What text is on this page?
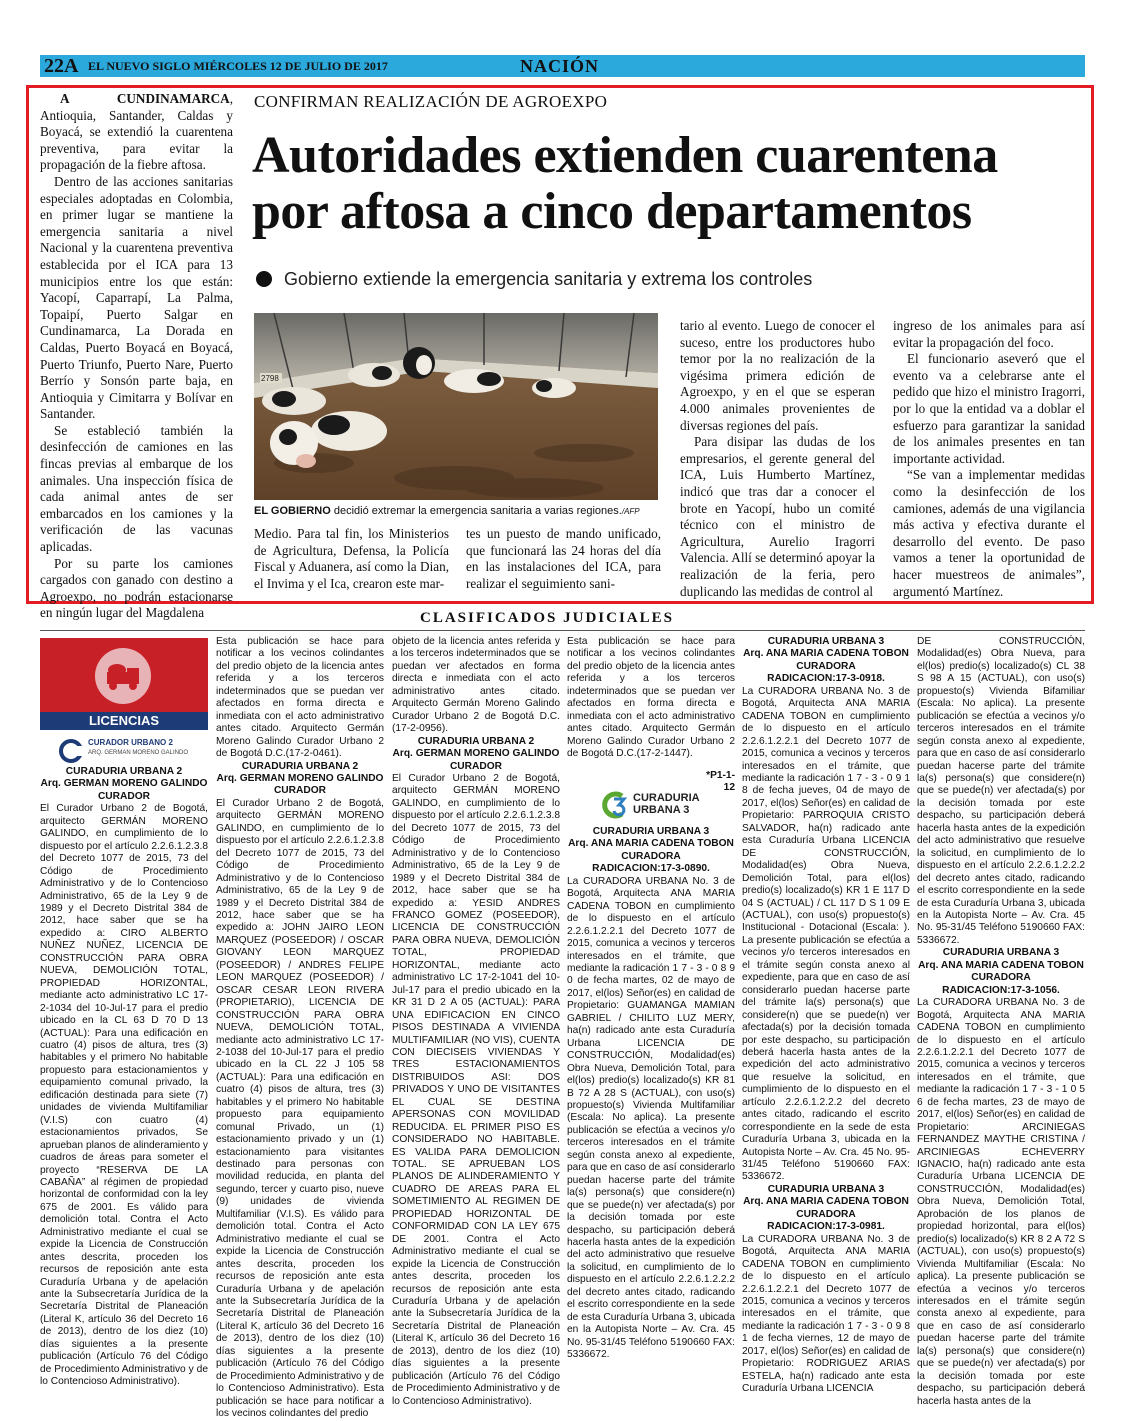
22A EL NUEVO SIGLO MIÉRCOLES 12 DE JULIO DE 2017	NACIÓN

A CUNDINAMARCA, Antioquia, Santander, Caldas y Boyacá, se extendió la cuarentena preventiva, para evitar la propagación de la fiebre aftosa.

Dentro de las acciones sanitarias especiales adoptadas en Colombia, en primer lugar se mantiene la emergencia sanitaria a nivel Nacional y la cuarentena preventiva establecida por el ICA para 13 municipios entre los que están: Yacopí, Caparrapí, La Palma, Topaipí, Puerto Salgar en Cundinamarca, La Dorada en Caldas, Puerto Boyacá en Boyacá, Puerto Triunfo, Puerto Nare, Puerto Berrío y Sonsón parte baja, en Antioquia y Cimitarra y Bolívar en Santander.

Se estableció también la desinfección de camiones en las fincas previas al embarque de los animales. Una inspección física de cada animal antes de ser embarcados en los camiones y la verificación de las vacunas aplicadas.

Por su parte los camiones cargados con ganado con destino a Agroexpo, no podrán estacionarse en ningún lugar del Magdalena

CONFIRMAN REALIZACIÓN DE AGROEXPO
Autoridades extienden cuarentena
por aftosa a cinco departamentos
Gobierno extiende la emergencia sanitaria y extrema los controles
2798
EL GOBIERNO decidió extremar la emergencia sanitaria a varias regiones./AFP

Medio. Para tal fin, los Ministerios de Agricultura, Defensa, la Policía Fiscal y Aduanera, así como la Dian, el Invima y el Ica, crearon este mar-

tes un puesto de mando unificado, que funcionará las 24 horas del día en las instalaciones del ICA, para realizar el seguimiento sani-

tario al evento. Luego de conocer el suceso, entre los productores hubo temor por la no realización de la vigésima primera edición de Agroexpo, y en el que se esperan 4.000 animales provenientes de diversas regiones del país.

Para disipar las dudas de los empresarios, el gerente general del ICA, Luis Humberto Martínez, indicó que tras dar a conocer el brote en Yacopí, hubo un comité técnico con el ministro de Agricultura, Aurelio Iragorri Valencia. Allí se determinó apoyar la realización de la feria, pero duplicando las medidas de control al

ingreso de los animales para así evitar la propagación del foco.

El funcionario aseveró que el evento va a celebrarse ante el pedido que hizo el ministro Iragorri, por lo que la entidad va a doblar el esfuerzo para garantizar la sanidad de los animales presentes en tan importante actividad.

“Se van a implementar medidas como la desinfección de los camiones, además de una vigilancia más activa y efectiva durante el desarrollo del evento. De paso vamos a tener la oportunidad de hacer muestreos de animales”, argumentó Martínez.

CLASIFICADOS JUDICIALES
LICENCIAS
CURADOR URBANO 2
ARQ. GERMAN MORENO GALINDO

CURADURIA URBANA 2

Arq. GERMAN MORENO GALINDO

CURADOR

El Curador Urbano 2 de Bogotá, arquitecto GERMÁN MORENO GALINDO, en cumplimiento de lo dispuesto por el artículo 2.2.6.1.2.3.8 del Decreto 1077 de 2015, 73 del Código de Procedimiento Administrativo y de lo Contencioso Administrativo, 65 de la Ley 9 de 1989 y el Decreto Distrital 384 de 2012, hace saber que se ha expedido a: CIRO ALBERTO NUÑEZ NUÑEZ, LICENCIA DE CONSTRUCCIÓN PARA OBRA NUEVA, DEMOLICIÓN TOTAL, PROPIEDAD HORIZONTAL, mediante acto administrativo LC 17-2-1034 del 10-Jul-17 para el predio ubicado en la CL 63 D 70 D 13 (ACTUAL): Para una edificación en cuatro (4) pisos de altura, tres (3) habitables y el primero No habitable propuesto para estacionamientos y equipamiento comunal privado, la edificación destinada para siete (7) unidades de vivienda Multifamiliar (V.I.S) con cuatro (4) estacionamientos privados, Se aprueban planos de alinderamiento y cuadros de áreas para someter el proyecto “RESERVA DE LA CABAÑA” al régimen de propiedad horizontal de conformidad con la ley 675 de 2001. Es válido para demolición total. Contra el Acto Administrativo mediante el cual se expide la Licencia de Construcción antes descrita, proceden los recursos de reposición ante esta Curaduría Urbana y de apelación ante la Subsecretaría Jurídica de la Secretaría Distrital de Planeación (Literal K, artículo 36 del Decreto 16 de 2013), dentro de los diez (10) días siguientes a la presente publicación (Artículo 76 del Código de Procedimiento Administrativo y de lo Contencioso Administrativo).

Esta publicación se hace para notificar a los vecinos colindantes del predio objeto de la licencia antes referida y a los terceros indeterminados que se puedan ver afectados en forma directa e inmediata con el acto administrativo antes citado. Arquitecto Germán Moreno Galindo Curador Urbano 2 de Bogotá D.C.(17-2-0461).

CURADURIA URBANA 2

Arq. GERMAN MORENO GALINDO

CURADOR

El Curador Urbano 2 de Bogotá, arquitecto GERMÁN MORENO GALINDO, en cumplimiento de lo dispuesto por el artículo 2.2.6.1.2.3.8 del Decreto 1077 de 2015, 73 del Código de Procedimiento Administrativo y de lo Contencioso Administrativo, 65 de la Ley 9 de 1989 y el Decreto Distrital 384 de 2012, hace saber que se ha expedido a: JOHN JAIRO LEON MARQUEZ (POSEEDOR) / OSCAR GIOVANY LEON MARQUEZ (POSEEDOR) / ANDRES FELIPE LEON MARQUEZ (POSEEDOR) / OSCAR CESAR LEON RIVERA (PROPIETARIO), LICENCIA DE CONSTRUCCIÓN PARA OBRA NUEVA, DEMOLICIÓN TOTAL, mediante acto administrativo LC 17-2-1038 del 10-Jul-17 para el predio ubicado en la CL 22 J 105 58 (ACTUAL): Para una edificación en cuatro (4) pisos de altura, tres (3) habitables y el primero No habitable propuesto para equipamiento comunal Privado, un (1) estacionamiento privado y un (1) estacionamiento para visitantes destinado para personas con movilidad reducida, en planta del segundo, tercer y cuarto piso, nueve (9) unidades de vivienda Multifamiliar (V.I.S). Es válido para demolición total. Contra el Acto Administrativo mediante el cual se expide la Licencia de Construcción antes descrita, proceden los recursos de reposición ante esta Curaduría Urbana y de apelación ante la Subsecretaría Jurídica de la Secretaría Distrital de Planeación (Literal K, artículo 36 del Decreto 16 de 2013), dentro de los diez (10) días siguientes a la presente publicación (Artículo 76 del Código de Procedimiento Administrativo y de lo Contencioso Administrativo). Esta publicación se hace para notificar a los vecinos colindantes del predio

objeto de la licencia antes referida y a los terceros indeterminados que se puedan ver afectados en forma directa e inmediata con el acto administrativo antes citado. Arquitecto Germán Moreno Galindo Curador Urbano 2 de Bogotá D.C.(17-2-0956).

CURADURIA URBANA 2

Arq. GERMAN MORENO GALINDO

CURADOR

El Curador Urbano 2 de Bogotá, arquitecto GERMÁN MORENO GALINDO, en cumplimiento de lo dispuesto por el artículo 2.2.6.1.2.3.8 del Decreto 1077 de 2015, 73 del Código de Procedimiento Administrativo y de lo Contencioso Administrativo, 65 de la Ley 9 de 1989 y el Decreto Distrital 384 de 2012, hace saber que se ha expedido a: YESID ANDRES FRANCO GOMEZ (POSEEDOR), LICENCIA DE CONSTRUCCIÓN PARA OBRA NUEVA, DEMOLICIÓN TOTAL, PROPIEDAD HORIZONTAL, mediante acto administrativo LC 17-2-1041 del 10-Jul-17 para el predio ubicado en la KR 31 D 2 A 05 (ACTUAL): PARA UNA EDIFICACION EN CINCO PISOS DESTINADA A VIVIENDA MULTIFAMILIAR (NO VIS), CUENTA CON DIECISEIS VIVIENDAS Y TRES ESTACIONAMIENTOS DISTRIBUIDOS ASI: DOS PRIVADOS Y UNO DE VISITANTES EL CUAL SE DESTINA APERSONAS CON MOVILIDAD REDUCIDA. EL PRIMER PISO ES CONSIDERADO NO HABITABLE. ES VALIDA PARA DEMOLICION TOTAL. SE APRUEBAN LOS PLANOS DE ALINDERAMIENTO Y CUADRO DE AREAS PARA EL SOMETIMIENTO AL REGIMEN DE PROPIEDAD HORIZONTAL DE CONFORMIDAD CON LA LEY 675 DE 2001. Contra el Acto Administrativo mediante el cual se expide la Licencia de Construcción antes descrita, proceden los recursos de reposición ante esta Curaduría Urbana y de apelación ante la Subsecretaría Jurídica de la Secretaría Distrital de Planeación (Literal K, artículo 36 del Decreto 16 de 2013), dentro de los diez (10) días siguientes a la presente publicación (Artículo 76 del Código de Procedimiento Administrativo y de lo Contencioso Administrativo).

Esta publicación se hace para notificar a los vecinos colindantes del predio objeto de la licencia antes referida y a los terceros indeterminados que se puedan ver afectados en forma directa e inmediata con el acto administrativo antes citado. Arquitecto Germán Moreno Galindo Curador Urbano 2 de Bogotá D.C.(17-2-1447).

*P1-1-12
CURADURIA
URBANA 3

CURADURIA URBANA 3

Arq. ANA MARIA CADENA TOBON

CURADORA

RADICACION:17-3-0890.

La CURADORA URBANA No. 3 de Bogotá, Arquitecta ANA MARIA CADENA TOBON en cumplimiento de lo dispuesto en el artículo 2.2.6.1.2.2.1 del Decreto 1077 de 2015, comunica a vecinos y terceros interesados en el trámite, que mediante la radicación 1 7 - 3 - 0 8 9 0 de fecha martes, 02 de mayo de 2017, el(los) Señor(es) en calidad de Propietario: GUAMANGA MAMIAN GABRIEL / CHILITO LUZ MERY, ha(n) radicado ante esta Curaduría Urbana LICENCIA DE CONSTRUCCIÓN, Modalidad(es) Obra Nueva, Demolición Total, para el(los) predio(s) localizado(s) KR 81 B 72 A 28 S (ACTUAL), con uso(s) propuesto(s) Vivienda Multifamiliar (Escala: No aplica). La presente publicación se efectúa a vecinos y/o terceros interesados en el trámite según consta anexo al expediente, para que en caso de así considerarlo puedan hacerse parte del trámite la(s) persona(s) que considere(n) que se puede(n) ver afectada(s) por la decisión tomada por este despacho, su participación deberá hacerla hasta antes de la expedición del acto administrativo que resuelve la solicitud, en cumplimiento de lo dispuesto en el artículo 2.2.6.1.2.2.2 del decreto antes citado, radicando el escrito correspondiente en la sede de esta Curaduría Urbana 3, ubicada en la Autopista Norte – Av. Cra. 45 No. 95-31/45 Teléfono 5190660 FAX: 5336672.

CURADURIA URBANA 3

Arq. ANA MARIA CADENA TOBON

CURADORA

RADICACION:17-3-0918.

La CURADORA URBANA No. 3 de Bogotá, Arquitecta ANA MARIA CADENA TOBON en cumplimiento de lo dispuesto en el artículo 2.2.6.1.2.2.1 del Decreto 1077 de 2015, comunica a vecinos y terceros interesados en el trámite, que mediante la radicación 1 7 - 3 - 0 9 1 8 de fecha jueves, 04 de mayo de 2017, el(los) Señor(es) en calidad de Propietario: PARROQUIA CRISTO SALVADOR, ha(n) radicado ante esta Curaduría Urbana LICENCIA DE CONSTRUCCIÓN, Modalidad(es) Obra Nueva, Demolición Total, para el(los) predio(s) localizado(s) KR 1 E 117 D 04 S (ACTUAL) / CL 117 D S 1 09 E (ACTUAL), con uso(s) propuesto(s) Institucional - Dotacional (Escala: ). La presente publicación se efectúa a vecinos y/o terceros interesados en el trámite según consta anexo al expediente, para que en caso de así considerarlo puedan hacerse parte del trámite la(s) persona(s) que considere(n) que se puede(n) ver afectada(s) por la decisión tomada por este despacho, su participación deberá hacerla hasta antes de la expedición del acto administrativo que resuelve la solicitud, en cumplimiento de lo dispuesto en el artículo 2.2.6.1.2.2.2 del decreto antes citado, radicando el escrito correspondiente en la sede de esta Curaduría Urbana 3, ubicada en la Autopista Norte – Av. Cra. 45 No. 95-31/45 Teléfono 5190660 FAX: 5336672.

CURADURIA URBANA 3

Arq. ANA MARIA CADENA TOBON

CURADORA

RADICACION:17-3-0981.

La CURADORA URBANA No. 3 de Bogotá, Arquitecta ANA MARIA CADENA TOBON en cumplimiento de lo dispuesto en el artículo 2.2.6.1.2.2.1 del Decreto 1077 de 2015, comunica a vecinos y terceros interesados en el trámite, que mediante la radicación 1 7 - 3 - 0 9 8 1 de fecha viernes, 12 de mayo de 2017, el(los) Señor(es) en calidad de Propietario: RODRIGUEZ ARIAS ESTELA, ha(n) radicado ante esta Curaduría Urbana LICENCIA

DE CONSTRUCCIÓN, Modalidad(es) Obra Nueva, para el(los) predio(s) localizado(s) CL 38 S 98 A 15 (ACTUAL), con uso(s) propuesto(s) Vivienda Bifamiliar (Escala: No aplica). La presente publicación se efectúa a vecinos y/o terceros interesados en el trámite según consta anexo al expediente, para que en caso de así considerarlo puedan hacerse parte del trámite la(s) persona(s) que considere(n) que se puede(n) ver afectada(s) por la decisión tomada por este despacho, su participación deberá hacerla hasta antes de la expedición del acto administrativo que resuelve la solicitud, en cumplimiento de lo dispuesto en el artículo 2.2.6.1.2.2.2 del decreto antes citado, radicando el escrito correspondiente en la sede de esta Curaduría Urbana 3, ubicada en la Autopista Norte – Av. Cra. 45 No. 95-31/45 Teléfono 5190660 FAX: 5336672.

CURADURIA URBANA 3

Arq. ANA MARIA CADENA TOBON

CURADORA

RADICACION:17-3-1056.

La CURADORA URBANA No. 3 de Bogotá, Arquitecta ANA MARIA CADENA TOBON en cumplimiento de lo dispuesto en el artículo 2.2.6.1.2.2.1 del Decreto 1077 de 2015, comunica a vecinos y terceros interesados en el trámite, que mediante la radicación 1 7 - 3 - 1 0 5 6 de fecha martes, 23 de mayo de 2017, el(los) Señor(es) en calidad de Propietario: ARCINIEGAS FERNANDEZ MAYTHE CRISTINA / ARCINIEGAS ECHEVERRY IGNACIO, ha(n) radicado ante esta Curaduría Urbana LICENCIA DE CONSTRUCCIÓN, Modalidad(es) Obra Nueva, Demolición Total, Aprobación de los planos de propiedad horizontal, para el(los) predio(s) localizado(s) KR 8 2 A 72 S (ACTUAL), con uso(s) propuesto(s) Vivienda Multifamiliar (Escala: No aplica). La presente publicación se efectúa a vecinos y/o terceros interesados en el trámite según consta anexo al expediente, para que en caso de así considerarlo puedan hacerse parte del trámite la(s) persona(s) que considere(n) que se puede(n) ver afectada(s) por la decisión tomada por este despacho, su participación deberá hacerla hasta antes de la
